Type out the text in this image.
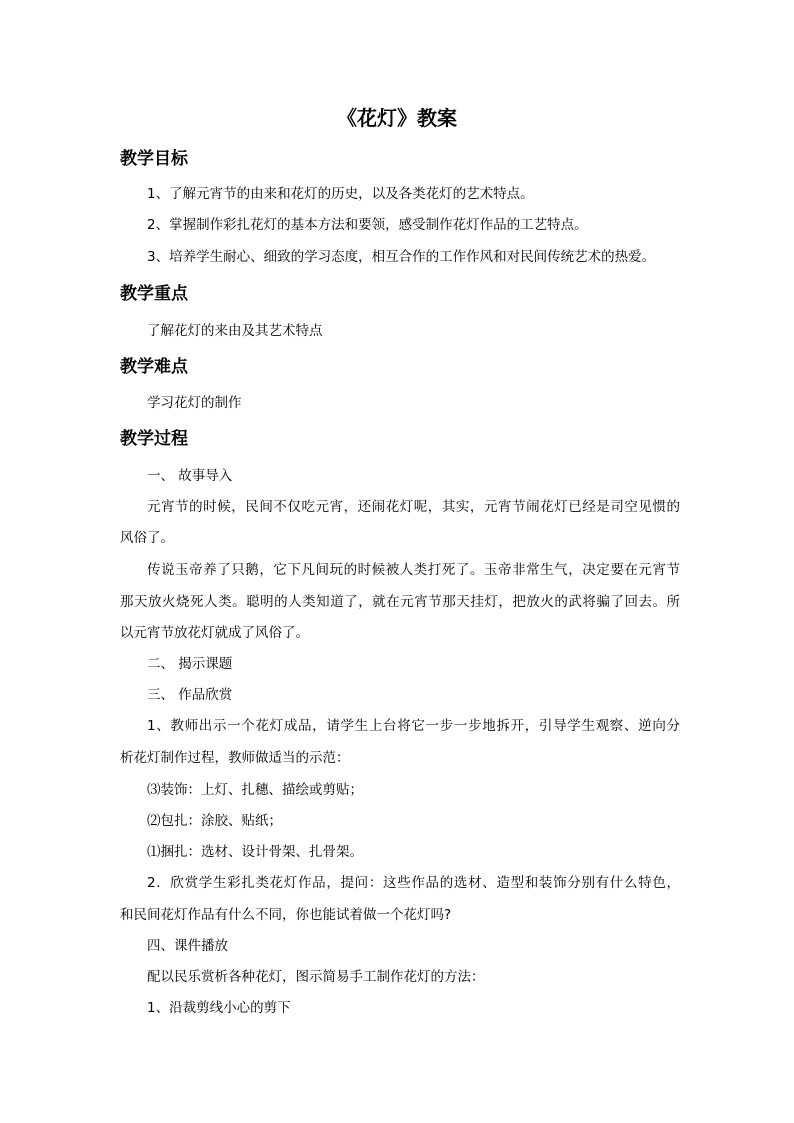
《花灯》教案
教学目标

1、了解元宵节的由来和花灯的历史，以及各类花灯的艺术特点。

2、掌握制作彩扎花灯的基本方法和要领，感受制作花灯作品的工艺特点。

3、培养学生耐心、细致的学习态度，相互合作的工作作风和对民间传统艺术的热爱。

教学重点

了解花灯的来由及其艺术特点

教学难点

学习花灯的制作

教学过程

一、 故事导入

元宵节的时候，民间不仅吃元宵，还闹花灯呢，其实，元宵节闹花灯已经是司空见惯的

风俗了。

传说玉帝养了只鹅，它下凡间玩的时候被人类打死了。玉帝非常生气，决定要在元宵节

那天放火烧死人类。聪明的人类知道了，就在元宵节那天挂灯，把放火的武将骗了回去。所

以元宵节放花灯就成了风俗了。

二、 揭示课题

三、 作品欣赏

1、教师出示一个花灯成品，请学生上台将它一步一步地拆开，引导学生观察、逆向分

析花灯制作过程，教师做适当的示范：

⑶装饰：上灯、扎穗、描绘或剪贴；

⑵包扎：涂胶、贴纸；

⑴捆扎：选材、设计骨架、扎骨架。

2．欣赏学生彩扎类花灯作品，提问：这些作品的选材、造型和装饰分别有什么特色，

和民间花灯作品有什么不同，你也能试着做一个花灯吗?

四、课件播放

配以民乐赏析各种花灯，图示简易手工制作花灯的方法：

1、沿裁剪线小心的剪下
